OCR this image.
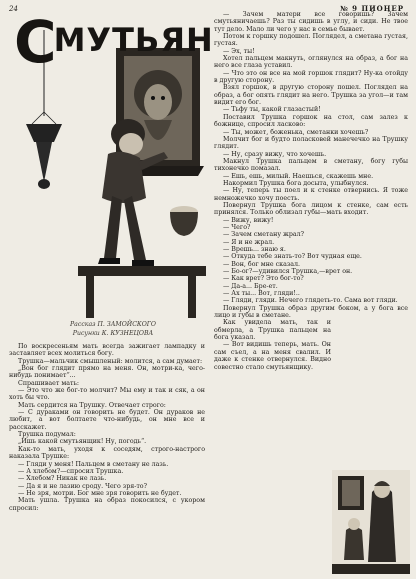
24	№ 9 ПИОНЕР
СМУТЬЯН
Рассказ П. ЗАМОЙСКОГО
Рисунки К. КУЗНЕЦОВА

По воскресеньям мать всегда зажигает лампадку и заставляет всех молиться богу.

Трушка—мальчик смышленый: молится, а сам думает:

„Вон бог глядит прямо на меня. Он, мотри-ка, чего-нибудь понимает“...

Спрашивает мать:

— Это что же бог-то молчит? Мы ему и так и сяк, а он хоть бы что.

Мать сердится на Трушку. Отвечает строго:

— С дураками он говорить не будет. Он дураков не любит, а вот болтаете что-нибудь, он мне все и расскажет.

Трушка подумал:

„Ишь какой смутьянщик! Ну, погодь“.

Как-то мать, уходя к соседям, строго-настрого наказала Трушке:

— Гляди у меня! Пальцем в сметану не лазь.

— А хлебом?—спросил Трушка.

— Хлебом? Никак не лазь.

— Да я и не лазию сроду. Чего зря-то?

— Не зря, мотри. Бог мне зря говорить не будет.

Мать ушла. Трушка на образ покосился, с укором спросил:

— Зачем матери все говоришь? Зачем смутьяничаешь? Раз ты сидишь в углу, и сиди. Не твое тут дело. Мало ли чего у нас в семье бывает.

Потом к горшку подошел. Поглядел, а сметана густая, густая.

— Эх, ты!

Хотел пальцем макнуть, оглянулся на образ, а бог на него все глаза уставил.

— Что это он все на мой горшок глядит? Ну-ка отойду в другую сторону.

Взял горшок, в другую сторону пошел. Поглядел на образ, а бог опять глядит на него. Трушка за угол—и там видит его бог.

— Тьфу ты, какой глазастый!

Поставил Трушка горшок на стол, сам залез к божнице, спросил ласково:

— Ты, может, боженька, сметанки хочешь?

Молчит бог и будто полаcковей манечечко на Трушку глядит.

— Ну, сразу вижу, что хочешь.

Макнул Трушка пальцем в сметану, богу губы тихонечко помазал.

— Ешь, ешь, милый. Наешься, скажешь мне.

Накормил Трушка бога досыта, улыбнулся.

— Ну, теперь ты поел и к стенке отвернись. Я тоже немножечко хочу поесть.

Повернул Трушка бога лицом к стенке, сам есть принялся. Только облизал губы—мать входит.

— Вижу, вижу!

— Чего?

— Зачем сметану жрал?

— Я и не жрал.

— Врешь... знаю я.

— Откуда тебе знать-то? Вот чудная еще.

— Вон, бог мне сказал.

— Бо-ог?—удивился Трушка,—врет он.

— Как врет? Это бог-то?

— Да-а... Бре-ет.

— Ах ты... Вот, гляди!..

— Гляди, гляди. Нечего глядеть-то. Сама вот гляди.

Повернул Трушка образ другим боком, а у бога все лицо и губы в сметане.

Как увидела мать, так и обмерла, а Трушка пальцем на бога указал.

— Вот видишь теперь, мать. Он сам съел, а на меня свалил. И даже к стенке отвернулся. Видно совестно стало смутьянщику.
